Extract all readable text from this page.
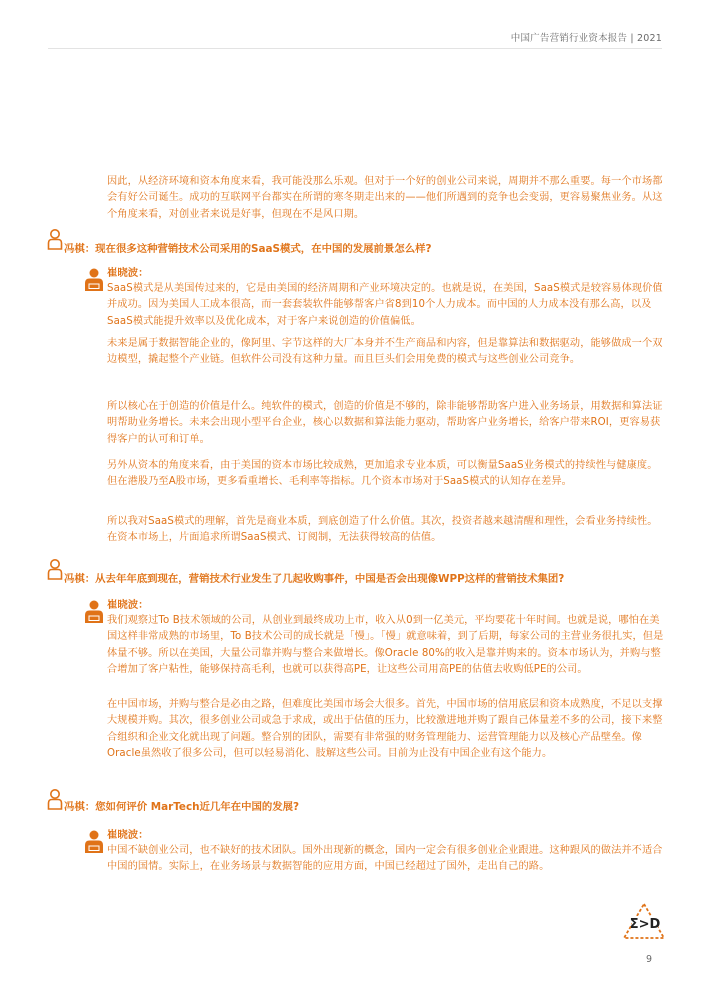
中国广告营销行业资本报告 | 2021

因此，从经济环境和资本角度来看，我可能没那么乐观。但对于一个好的创业公司来说，周期并不那么重要。每一个市场都会有好公司诞生。成功的互联网平台都实在所谓的寒冬期走出来的——他们所遇到的竞争也会变弱，更容易聚焦业务。从这个角度来看，对创业者来说是好事，但现在不是风口期。

冯棋：现在很多这种营销技术公司采用的SaaS模式，在中国的发展前景怎么样?
崔晓波：

SaaS模式是从美国传过来的，它是由美国的经济周期和产业环境决定的。也就是说，在美国，SaaS模式是较容易体现价值并成功。因为美国人工成本很高，而一套套装软件能够帮客户省8到10个人力成本。而中国的人力成本没有那么高，以及SaaS模式能提升效率以及优化成本，对于客户来说创造的价值偏低。

未来是属于数据智能企业的，像阿里、字节这样的大厂本身并不生产商品和内容，但是靠算法和数据驱动，能够做成一个双边模型，撬起整个产业链。但软件公司没有这种力量。而且巨头们会用免费的模式与这些创业公司竞争。

所以核心在于创造的价值是什么。纯软件的模式，创造的价值是不够的，除非能够帮助客户进入业务场景，用数据和算法证明帮助业务增长。未来会出现小型平台企业，核心以数据和算法能力驱动，帮助客户业务增长，给客户带来ROI，更容易获得客户的认可和订单。

另外从资本的角度来看，由于美国的资本市场比较成熟，更加追求专业本质，可以衡量SaaS业务模式的持续性与健康度。但在港股乃至A股市场，更多看重增长、毛利率等指标。几个资本市场对于SaaS模式的认知存在差异。

所以我对SaaS模式的理解，首先是商业本质，到底创造了什么价值。其次，投资者越来越清醒和理性，会看业务持续性。在资本市场上，片面追求所谓SaaS模式、订阅制，无法获得较高的估值。

冯棋：从去年年底到现在，营销技术行业发生了几起收购事件，中国是否会出现像WPP这样的营销技术集团?
崔晓波：

我们观察过To B技术领域的公司，从创业到最终成功上市，收入从0到一亿美元，平均要花十年时间。也就是说，哪怕在美国这样非常成熟的市场里，To B技术公司的成长就是「慢」。「慢」就意味着，到了后期，每家公司的主营业务很扎实，但是体量不够。所以在美国，大量公司靠并购与整合来做增长。像Oracle 80%的收入是靠并购来的。资本市场认为，并购与整合增加了客户粘性，能够保持高毛利，也就可以获得高PE，让这些公司用高PE的估值去收购低PE的公司。

在中国市场，并购与整合是必由之路，但难度比美国市场会大很多。首先，中国市场的信用底层和资本成熟度，不足以支撑大规模并购。其次，很多创业公司或急于求成，或出于估值的压力，比较激进地并购了跟自己体量差不多的公司，接下来整合组织和企业文化就出现了问题。整合别的团队，需要有非常强的财务管理能力、运营管理能力以及核心产品壁垒。像Oracle虽然收了很多公司，但可以轻易消化、肢解这些公司。目前为止没有中国企业有这个能力。

冯棋：您如何评价 MarTech近几年在中国的发展?
崔晓波：

中国不缺创业公司，也不缺好的技术团队。国外出现新的概念，国内一定会有很多创业企业跟进。这种跟风的做法并不适合中国的国情。实际上，在业务场景与数据智能的应用方面，中国已经超过了国外，走出自己的路。

Σ>D
9
